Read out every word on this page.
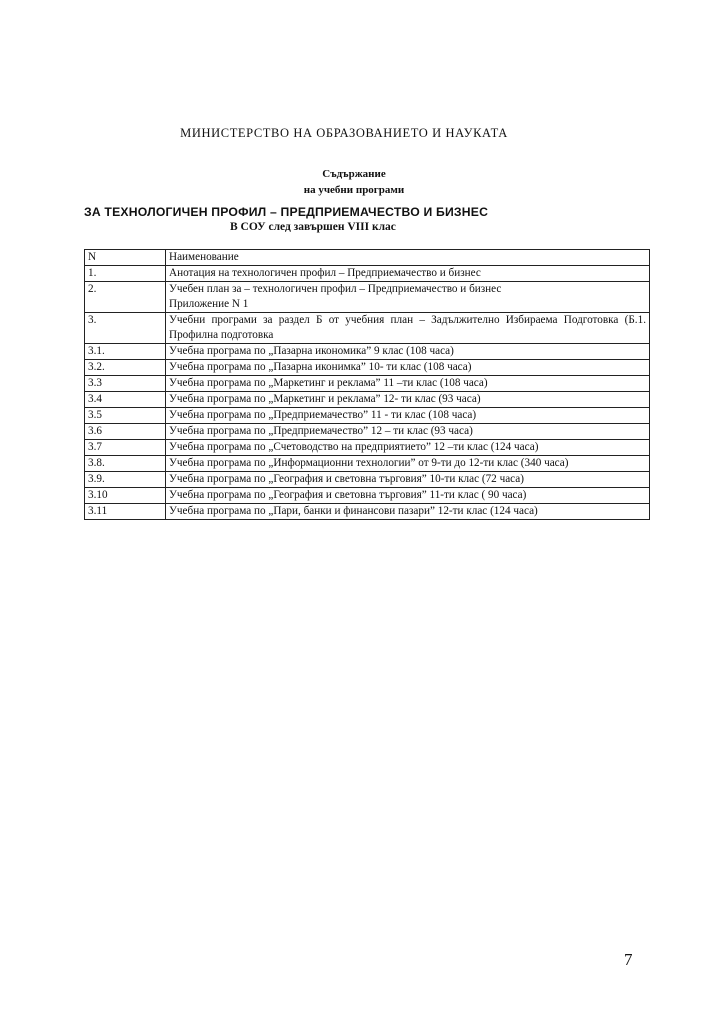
МИНИСТЕРСТВО НА ОБРАЗОВАНИЕТО И НАУКАТА
Съдържание
на учебни програми
ЗА ТЕХНОЛОГИЧЕН ПРОФИЛ – ПРЕДПРИЕМАЧЕСТВО И БИЗНЕС
В СОУ след завършен VIII клас
N	Наименование
1.	Анотация на технологичен профил – Предприемачество и бизнес
2.	Учебен план за – технологичен профил – Предприемачество и бизнес
Приложение N 1

3.	Учебни програми за раздел Б от учебния план – Задължително Избираема Подготовка (Б.1. Профилна подготовка
3.1.	Учебна програма по „Пазарна икономика” 9 клас (108 часа)
3.2.	Учебна програма по „Пазарна иконимка” 10- ти клас (108 часа)
3.3	Учебна програма по „Маркетинг и реклама” 11 –ти клас (108 часа)
3.4	Учебна програма по „Маркетинг и реклама” 12- ти клас (93 часа)
3.5	Учебна програма по „Предприемачество” 11 - ти клас (108 часа)
3.6	Учебна програма по „Предприемачество” 12 – ти клас (93 часа)
3.7	Учебна програма по „Счетоводство на предприятието” 12 –ти клас (124 часа)
3.8.	Учебна програма по „Информационни технологии” от 9-ти до 12-ти клас (340 часа)
3.9.	Учебна програма по „География и световна търговия” 10-ти клас (72 часа)
3.10	Учебна програма по „География и световна търговия” 11-ти клас ( 90 часа)
3.11	Учебна програма по „Пари, банки и финансови пазари” 12-ти клас (124 часа)
7
